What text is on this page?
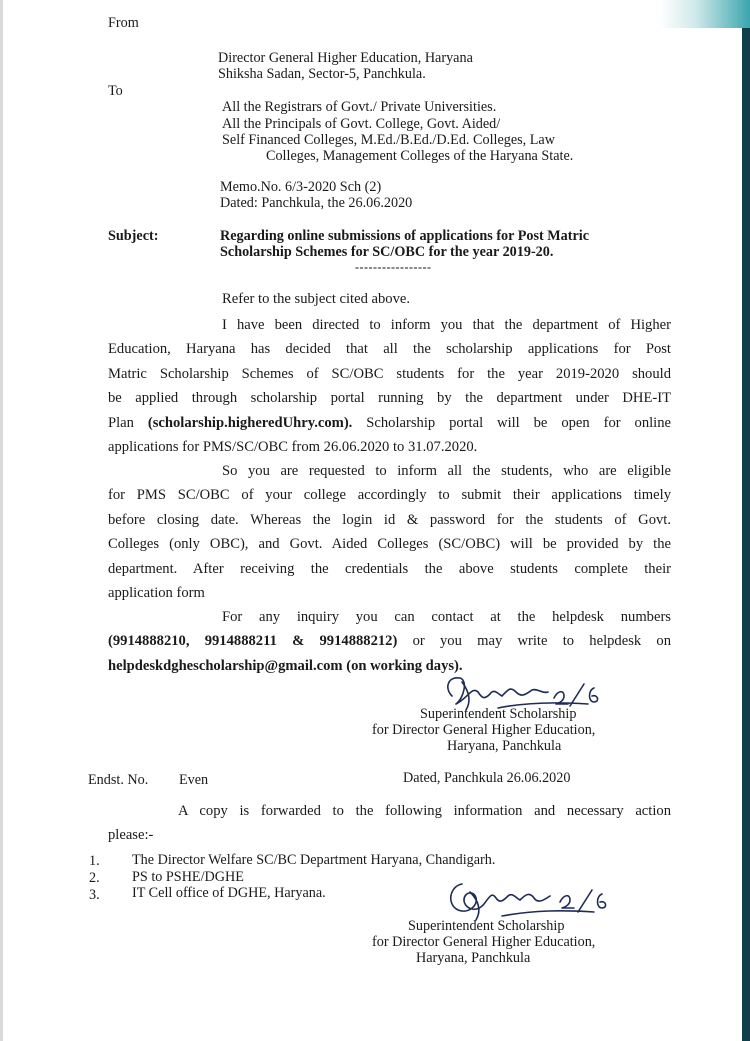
From
Director General Higher Education, Haryana
Shiksha Sadan, Sector-5, Panchkula.
To
All the Registrars of Govt./ Private Universities.
All the Principals of Govt. College, Govt. Aided/
Self Financed Colleges, M.Ed./B.Ed./D.Ed. Colleges, Law
Colleges, Management Colleges of the Haryana State.
Memo.No. 6/3-2020 Sch (2)
Dated: Panchkula, the 26.06.2020
Subject:	Regarding online submissions of applications for Post Matric
Scholarship Schemes for SC/OBC for the year 2019-20.
-----------------
Refer to the subject cited above.
I have been directed to inform you that the department of Higher
Education, Haryana has decided that all the scholarship applications for Post
Matric Scholarship Schemes of SC/OBC students for the year 2019-2020 should
be applied through scholarship portal running by the department under DHE-IT
Plan (scholarship.higheredUhry.com). Scholarship portal will be open for online
applications for PMS/SC/OBC from 26.06.2020 to 31.07.2020.
So you are requested to inform all the students, who are eligible
for PMS SC/OBC of your college accordingly to submit their applications timely
before closing date. Whereas the login id & password for the students of Govt.
Colleges (only OBC), and Govt. Aided Colleges (SC/OBC) will be provided by the
department. After receiving the credentials the above students complete their
application form
For any inquiry you can contact at the helpdesk numbers
(9914888210, 9914888211 & 9914888212) or you may write to helpdesk on
helpdeskdghescholarship@gmail.com (on working days).
Superintendent Scholarship
for Director General Higher Education,
Haryana, Panchkula
Endst. No. Even	Dated, Panchkula 26.06.2020
A copy is forwarded to the following information and necessary action
please:-
1. The Director Welfare SC/BC Department Haryana, Chandigarh.
2. PS to PSHE/DGHE
3. IT Cell office of DGHE, Haryana.
Superintendent Scholarship
for Director General Higher Education,
Haryana, Panchkula
